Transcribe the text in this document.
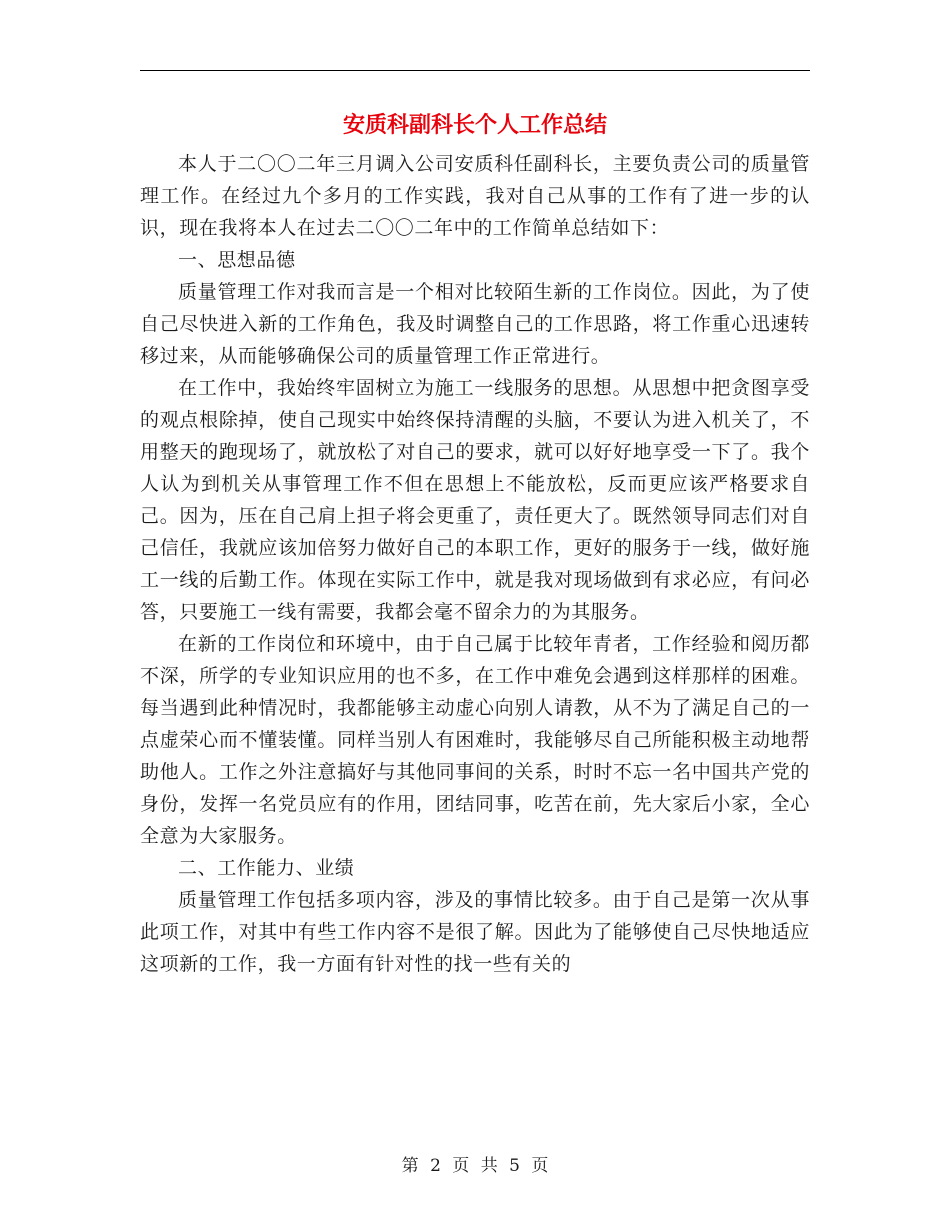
安质科副科长个人工作总结

本人于二〇〇二年三月调入公司安质科任副科长，主要负责公司的质量管理工作。在经过九个多月的工作实践，我对自己从事的工作有了进一步的认识，现在我将本人在过去二〇〇二年中的工作简单总结如下：

一、思想品德

质量管理工作对我而言是一个相对比较陌生新的工作岗位。因此，为了使自己尽快进入新的工作角色，我及时调整自己的工作思路，将工作重心迅速转移过来，从而能够确保公司的质量管理工作正常进行。

在工作中，我始终牢固树立为施工一线服务的思想。从思想中把贪图享受的观点根除掉，使自己现实中始终保持清醒的头脑，不要认为进入机关了，不用整天的跑现场了，就放松了对自己的要求，就可以好好地享受一下了。我个人认为到机关从事管理工作不但在思想上不能放松，反而更应该严格要求自己。因为，压在自己肩上担子将会更重了，责任更大了。既然领导同志们对自己信任，我就应该加倍努力做好自己的本职工作，更好的服务于一线，做好施工一线的后勤工作。体现在实际工作中，就是我对现场做到有求必应，有问必答，只要施工一线有需要，我都会毫不留余力的为其服务。

在新的工作岗位和环境中，由于自己属于比较年青者，工作经验和阅历都不深，所学的专业知识应用的也不多，在工作中难免会遇到这样那样的困难。每当遇到此种情况时，我都能够主动虚心向别人请教，从不为了满足自己的一点虚荣心而不懂装懂。同样当别人有困难时，我能够尽自己所能积极主动地帮助他人。工作之外注意搞好与其他同事间的关系，时时不忘一名中国共产党的身份，发挥一名党员应有的作用，团结同事，吃苦在前，先大家后小家，全心全意为大家服务。

二、工作能力、业绩

质量管理工作包括多项内容，涉及的事情比较多。由于自己是第一次从事此项工作，对其中有些工作内容不是很了解。因此为了能够使自己尽快地适应这项新的工作，我一方面有针对性的找一些有关的

第 2 页 共 5 页
